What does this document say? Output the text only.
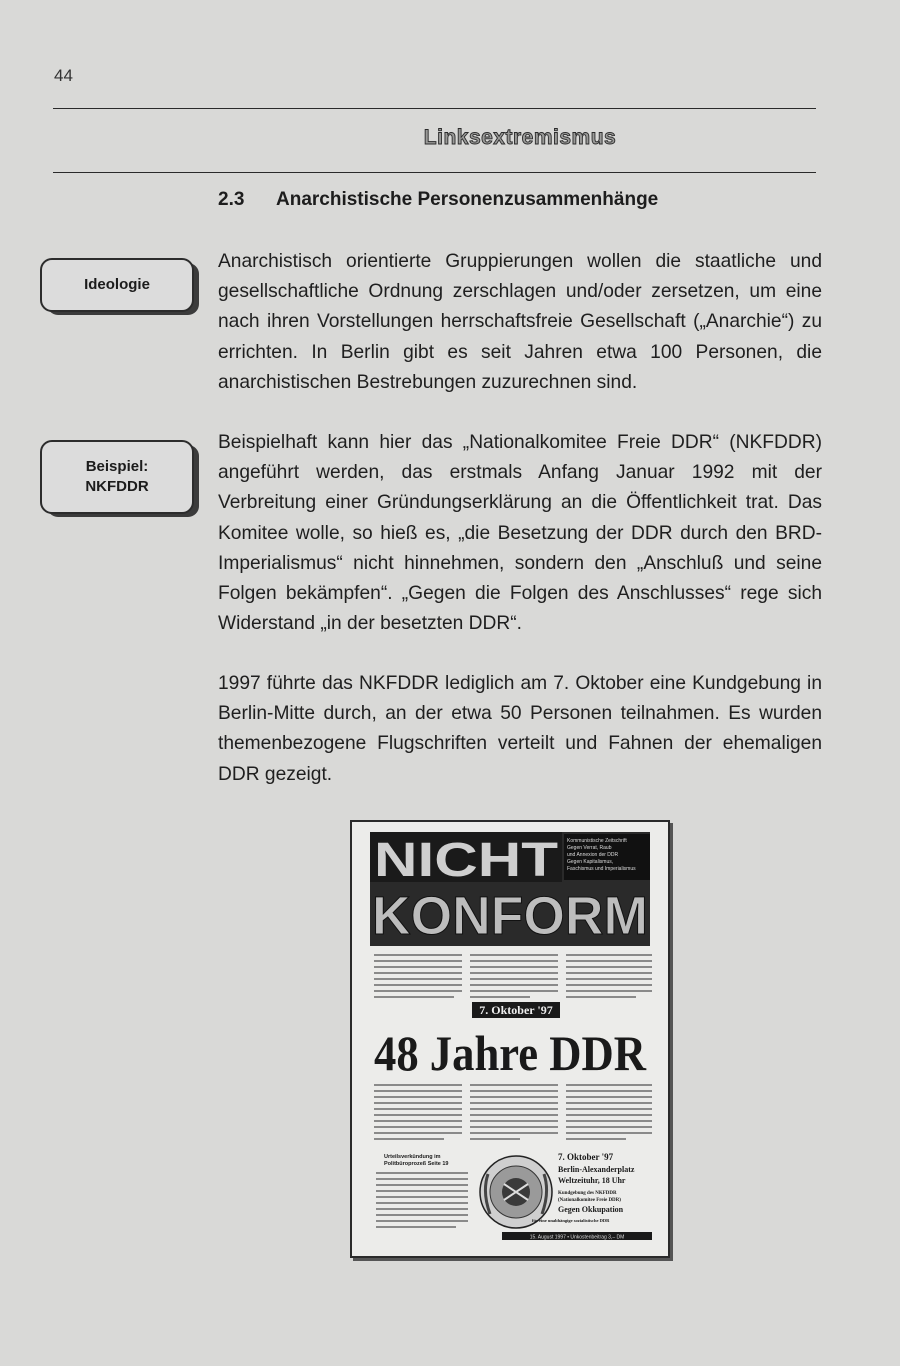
44
Linksextremismus
2.3 Anarchistische Personenzusammenhänge
Ideologie

Anarchistisch orientierte Gruppierungen wollen die staatliche und gesellschaftliche Ordnung zerschlagen und/oder zersetzen, um eine nach ihren Vorstellungen herrschaftsfreie Gesellschaft („Anarchie“) zu errichten. In Berlin gibt es seit Jahren etwa 100 Personen, die anarchistischen Bestrebungen zuzurechnen sind.

Beispiel:
NKFDDR

Beispielhaft kann hier das „Nationalkomitee Freie DDR“ (NKFDDR) angeführt werden, das erstmals Anfang Januar 1992 mit der Verbreitung einer Gründungserklärung an die Öffentlichkeit trat. Das Komitee wolle, so hieß es, „die Besetzung der DDR durch den BRD-Imperialismus“ nicht hinnehmen, sondern den „Anschluß und seine Folgen bekämpfen“. „Gegen die Folgen des Anschlusses“ rege sich Widerstand „in der besetzten DDR“.

1997 führte das NKFDDR lediglich am 7. Oktober eine Kundgebung in Berlin-Mitte durch, an der etwa 50 Personen teilnahmen. Es wurden themenbezogene Flugschriften verteilt und Fahnen der ehemaligen DDR gezeigt.

NICHT Kommunistische Zeitschrift Gegen Verrat, Raub und Annexion der DDR Gegen Kapitalismus, Faschismus und Imperialismus
KONFORM
7. Oktober '97
48 Jahre DDR
Urteilsverkündung im Politbüroprozeß Seite 19
7. Oktober '97 Berlin-Alexanderplatz Weltzeituhr, 18 Uhr Kundgebung des NKFDDR (Nationalkomitee Freie DDR) Gegen Okkupation für eine unabhängige sozialistische DDR
15. August 1997 • Unkostenbeitrag 3,– DM
